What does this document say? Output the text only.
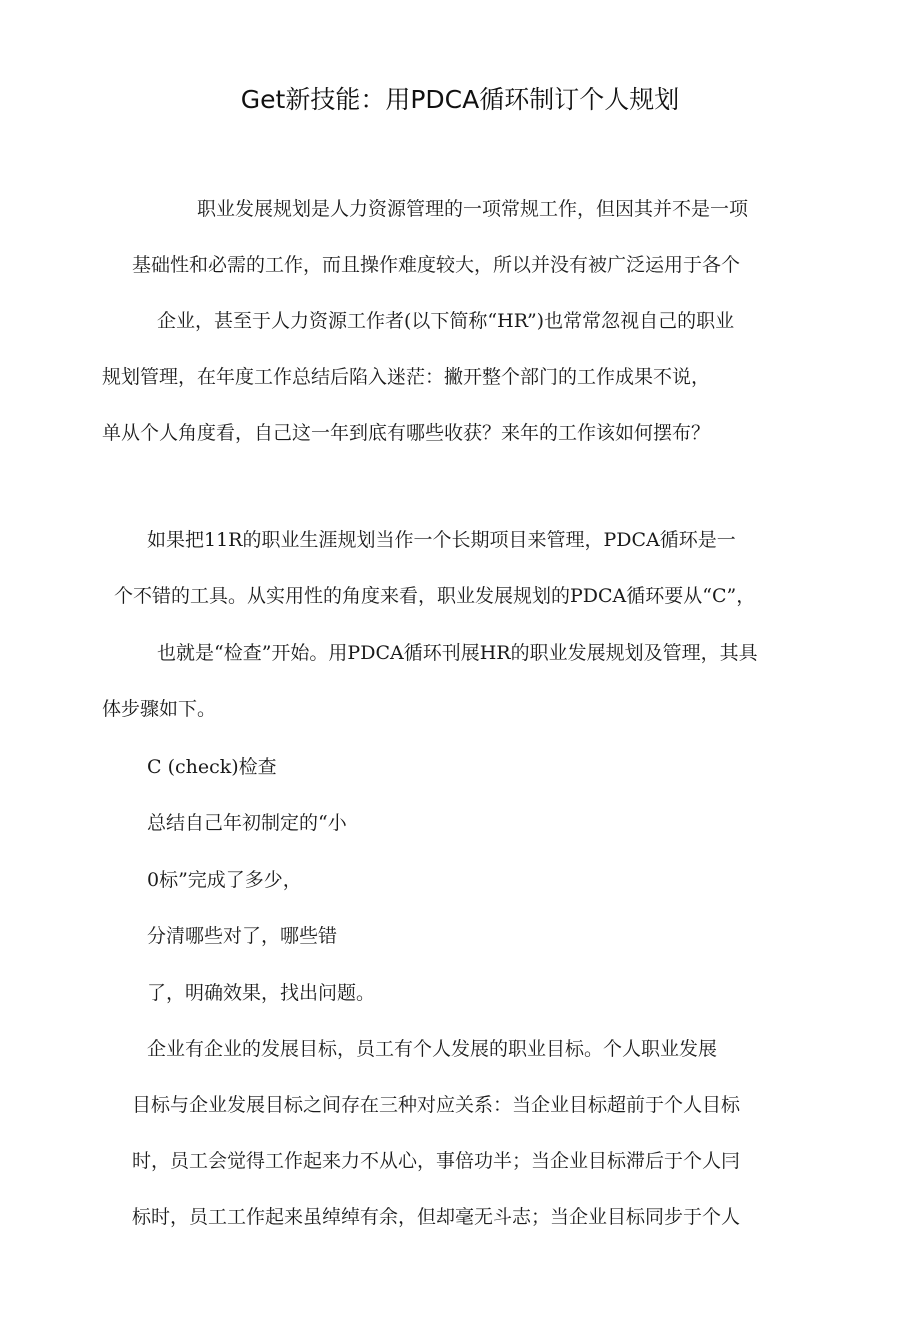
Get新技能：用PDCA循环制订个人规划
职业发展规划是人力资源管理的一项常规工作，但因其并不是一项
基础性和必需的工作，而且操作难度较大，所以并没有被广泛运用于各个
企业，甚至于人力资源工作者(以下简称“HR”)也常常忽视自己的职业
规划管理，在年度工作总结后陷入迷茫：撇开整个部门的工作成果不说，
单从个人角度看，自己这一年到底有哪些收获？来年的工作该如何摆布？
如果把11R的职业生涯规划当作一个长期项目来管理，PDCA循环是一
个不错的工具。从实用性的角度来看，职业发展规划的PDCA循环要从“C”，
也就是“检查”开始。用PDCA循环刊展HR的职业发展规划及管理，其具
体步骤如下。
C (check)检查
总结自己年初制定的“小
0标”完成了多少，
分清哪些对了，哪些错
了，明确效果，找出问题。
企业有企业的发展目标，员工有个人发展的职业目标。个人职业发展
目标与企业发展目标之间存在三种对应关系：当企业目标超前于个人目标
时，员工会觉得工作起来力不从心，事倍功半；当企业目标滞后于个人冃
标时，员工工作起来虽绰绰有余，但却毫无斗志；当企业目标同步于个人
